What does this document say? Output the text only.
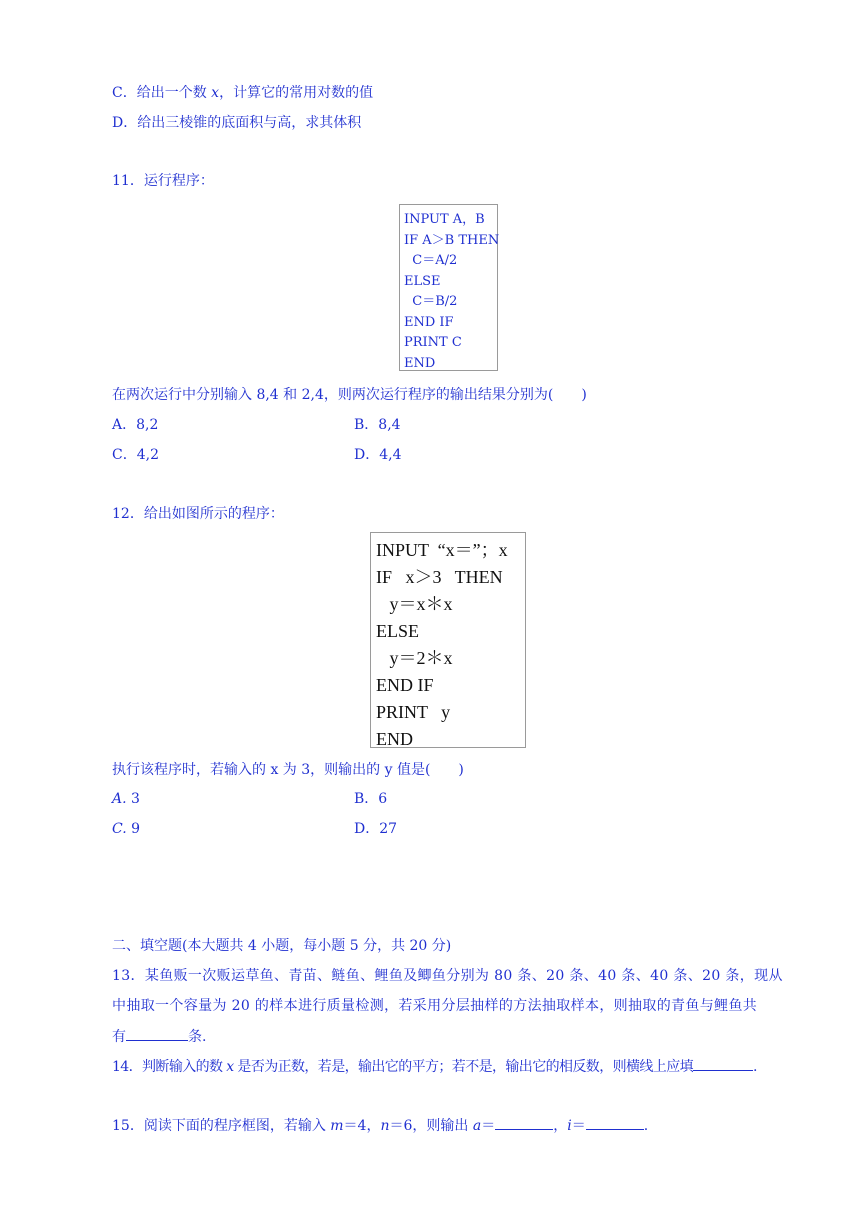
C．给出一个数 x，计算它的常用对数的值
D．给出三棱锥的底面积与高，求其体积
11．运行程序：
INPUT A，B
IF A＞B THEN
C＝A/2
ELSE
C＝B/2
END IF
PRINT C
END
在两次运行中分别输入 8,4 和 2,4，则两次运行程序的输出结果分别为(　　)
A．8,2	B．8,4
C．4,2	D．4,4
12．给出如图所示的程序：
INPUT  “x＝”；x
IF   x＞3   THEN
y＝x＊x
ELSE
y＝2＊x
END IF
PRINT   y
END
执行该程序时，若输入的 x 为 3，则输出的 y 值是(　　)
A. 3	B．6
C. 9	D．27
二、填空题(本大题共 4 小题，每小题 5 分，共 20 分)
13．某鱼贩一次贩运草鱼、青苗、鲢鱼、鲤鱼及鲫鱼分别为 80 条、20 条、40 条、40 条、20 条，现从
中抽取一个容量为 20 的样本进行质量检测，若采用分层抽样的方法抽取样本，则抽取的青鱼与鲤鱼共
有	条.
14．判断输入的数 x 是否为正数，若是，输出它的平方；若不是，输出它的相反数，则横线上应填	.
15．阅读下面的程序框图，若输入 m＝4，n＝6，则输出 a＝	，i＝	.
